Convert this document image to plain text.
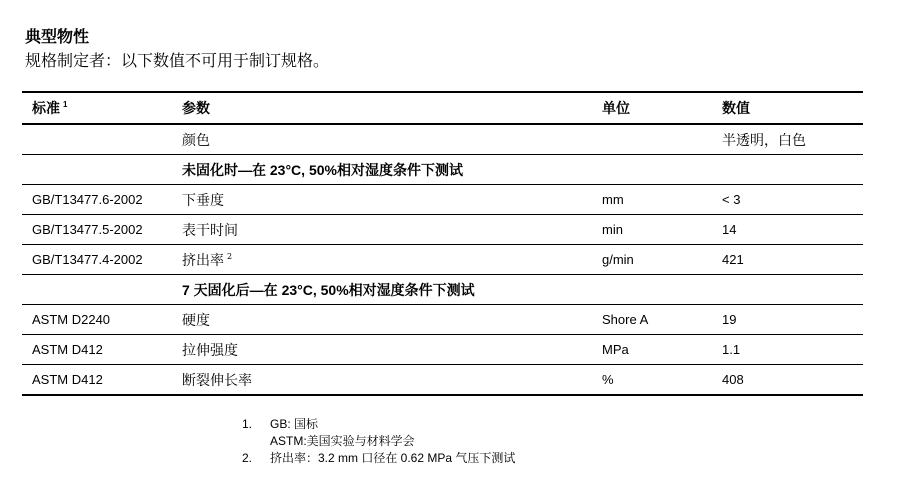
典型物性
规格制定者：以下数值不可用于制订规格。
标准 $^1$	参数	单位	数值
	颜色		半透明，白色
	未固化时—在 23°C, 50%相对湿度条件下测试		
GB/T13477.6-2002	下垂度	mm	< 3
GB/T13477.5-2002	表干时间	min	14
GB/T13477.4-2002	挤出率 $^2$	g/min	421
	7 天固化后—在 23°C, 50%相对湿度条件下测试		
ASTM D2240	硬度	Shore A	19
ASTM D412	拉伸强度	MPa	1.1
ASTM D412	断裂伸长率	%	408
1.	GB: 国标
ASTM:美国实验与材料学会
2.	挤出率：3.2 mm 口径在 0.62 MPa 气压下测试
